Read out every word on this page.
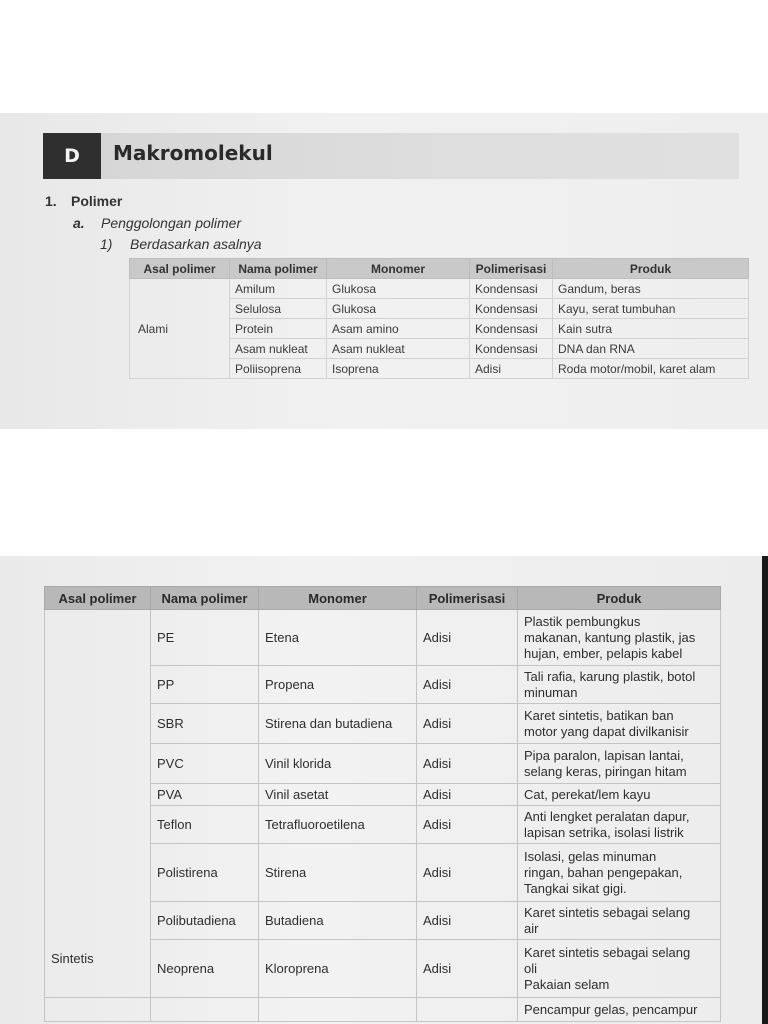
D	Makromolekul
1. Polimer
a. Penggolongan polimer
1) Berdasarkan asalnya
Asal polimer	Nama polimer	Monomer	Polimerisasi	Produk
Alami	Amilum	Glukosa	Kondensasi	Gandum, beras
	Selulosa	Glukosa	Kondensasi	Kayu, serat tumbuhan
	Protein	Asam amino	Kondensasi	Kain sutra
	Asam nukleat	Asam nukleat	Kondensasi	DNA dan RNA
	Poliisoprena	Isoprena	Adisi	Roda motor/mobil, karet alam
Asal polimer	Nama polimer	Monomer	Polimerisasi	Produk
Sintetis	PE	Etena	Adisi	Plastik pembungkus
makanan, kantung plastik, jas
hujan, ember, pelapis kabel

	PP	Propena	Adisi	Tali rafia, karung plastik, botol
minuman

	SBR	Stirena dan butadiena	Adisi	Karet sintetis, batikan ban
motor yang dapat divilkanisir

	PVC	Vinil klorida	Adisi	Pipa paralon, lapisan lantai,
selang keras, piringan hitam

	PVA	Vinil asetat	Adisi	Cat, perekat/lem kayu

	Teflon	Tetrafluoroetilena	Adisi	Anti lengket peralatan dapur,
lapisan setrika, isolasi listrik

	Polistirena	Stirena	Adisi	Isolasi, gelas minuman
ringan, bahan pengepakan,
Tangkai sikat gigi.

	Polibutadiena	Butadiena	Adisi	Karet sintetis sebagai selang
air

	Neoprena	Kloroprena	Adisi	Karet sintetis sebagai selang
oli
Pakaian selam

				Pencampur gelas, pencampur
